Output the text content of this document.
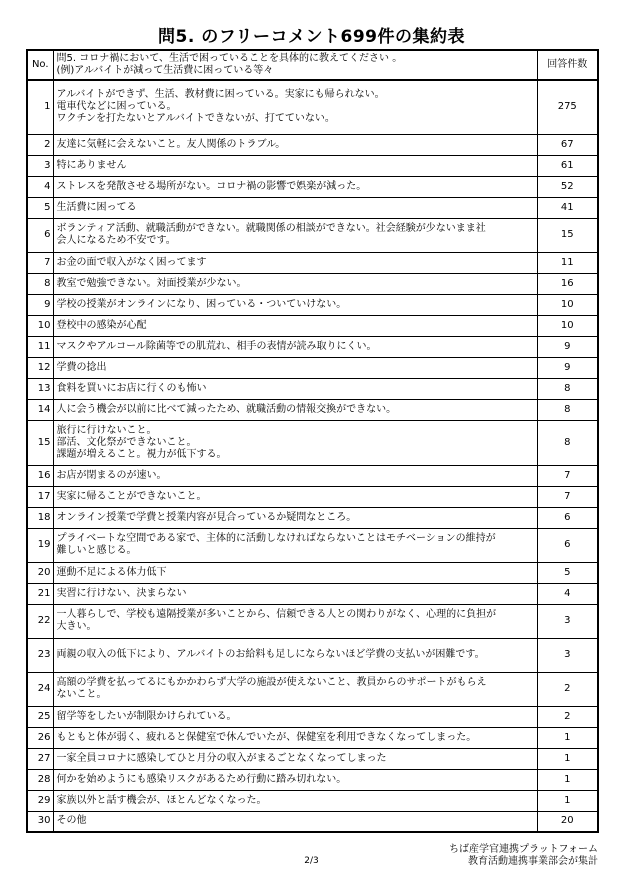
問5. のフリーコメント699件の集約表
No.	問5. コロナ禍において、生活で困っていることを具体的に教えてください 。
(例)アルバイトが減って生活費に困っている等々	回答件数
1	アルバイトができず、生活、教材費に困っている。実家にも帰られない。
電車代などに困っている。
ワクチンを打たないとアルバイトできないが、打てていない。	275
2	友達に気軽に会えないこと。友人関係のトラブル。	67
3	特にありません	61
4	ストレスを発散させる場所がない。コロナ禍の影響で娯楽が減った。	52
5	生活費に困ってる	41
6	ボランティア活動、就職活動ができない。就職関係の相談ができない。社会経験が少ないまま社
会人になるため不安です。	15
7	お金の面で収入がなく困ってます	11
8	教室で勉強できない。対面授業が少ない。	16
9	学校の授業がオンラインになり、困っている・ついていけない。	10
10	登校中の感染が心配	10
11	マスクやアルコール除菌等での肌荒れ、相手の表情が読み取りにくい。	9
12	学費の捻出	9
13	食料を買いにお店に行くのも怖い	8
14	人に会う機会が以前に比べて減ったため、就職活動の情報交換ができない。	8
15	旅行に行けないこと。
部活、文化祭ができないこと。
課題が増えること。視力が低下する。	8
16	お店が閉まるのが速い。	7
17	実家に帰ることができないこと。	7
18	オンライン授業で学費と授業内容が見合っているか疑問なところ。	6
19	プライベートな空間である家で、主体的に活動しなければならないことはモチベーションの維持が
難しいと感じる。	6
20	運動不足による体力低下	5
21	実習に行けない、決まらない	4
22	一人暮らしで、学校も遠隔授業が多いことから、信頼できる人との関わりがなく、心理的に負担が
大きい。	3
23	両親の収入の低下により、アルバイトのお給料も足しにならないほど学費の支払いが困難です。	3
24	高額の学費を払ってるにもかかわらず大学の施設が使えないこと、教員からのサポートがもらえ
ないこと。	2
25	留学等をしたいが制限かけられている。	2
26	もともと体が弱く、疲れると保健室で休んでいたが、保健室を利用できなくなってしまった。	1
27	一家全員コロナに感染してひと月分の収入がまるごとなくなってしまった	1
28	何かを始めようにも感染リスクがあるため行動に踏み切れない。	1
29	家族以外と話す機会が、ほとんどなくなった。	1
30	その他	20
ちば産学官連携プラットフォーム
教育活動連携事業部会が集計
2/3
